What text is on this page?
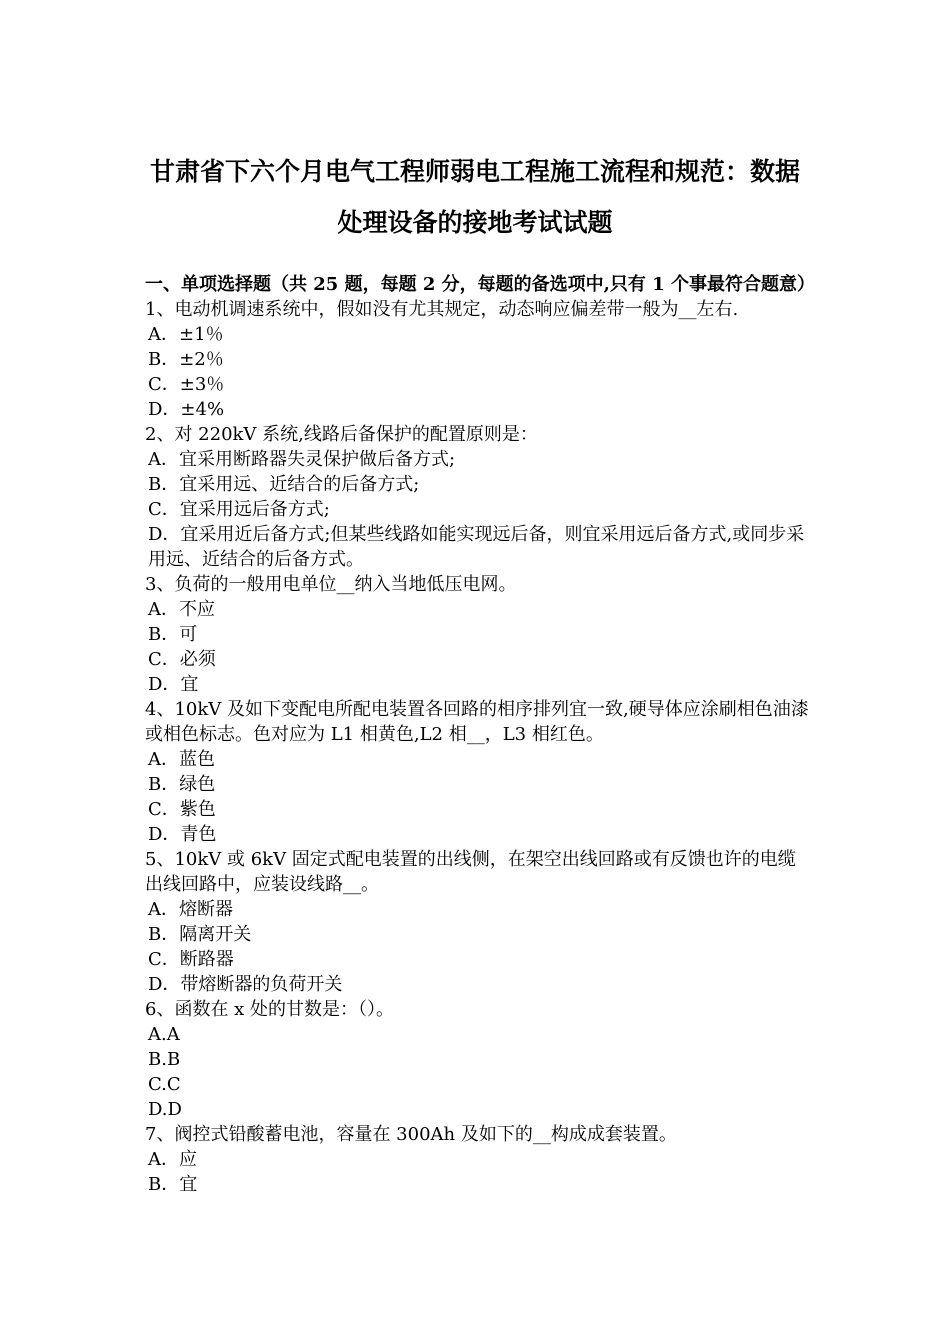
甘肃省下六个月电气工程师弱电工程施工流程和规范：数据处理设备的接地考试试题

一、单项选择题（共 25 题，每题 2 分，每题的备选项中,只有 1 个事最符合题意）

1、电动机调速系统中，假如没有尤其规定，动态响应偏差带一般为__左右.

A．±1％

B．±2％

C．±3％

D．±4%

2、对 220kV 系统,线路后备保护的配置原则是：

A．宜采用断路器失灵保护做后备方式;

B．宜采用远、近结合的后备方式;

C．宜采用远后备方式;

D．宜采用近后备方式;但某些线路如能实现远后备，则宜采用远后备方式,或同步采用远、近结合的后备方式。

3、负荷的一般用电单位__纳入当地低压电网。

A．不应

B．可

C．必须

D．宜

4、10kV 及如下变配电所配电装置各回路的相序排列宜一致,硬导体应涂刷相色油漆或相色标志。色对应为 L1 相黄色,L2 相__，L3 相红色。

A．蓝色

B．绿色

C．紫色

D．青色

5、10kV 或 6kV 固定式配电装置的出线侧，在架空出线回路或有反馈也许的电缆出线回路中，应装设线路__。

A．熔断器

B．隔离开关

C．断路器

D．带熔断器的负荷开关

6、函数在 x 处的甘数是：（）。

A.A

B.B

C.C

D.D

7、阀控式铅酸蓄电池，容量在 300Ah 及如下的__构成成套装置。

A．应

B．宜
